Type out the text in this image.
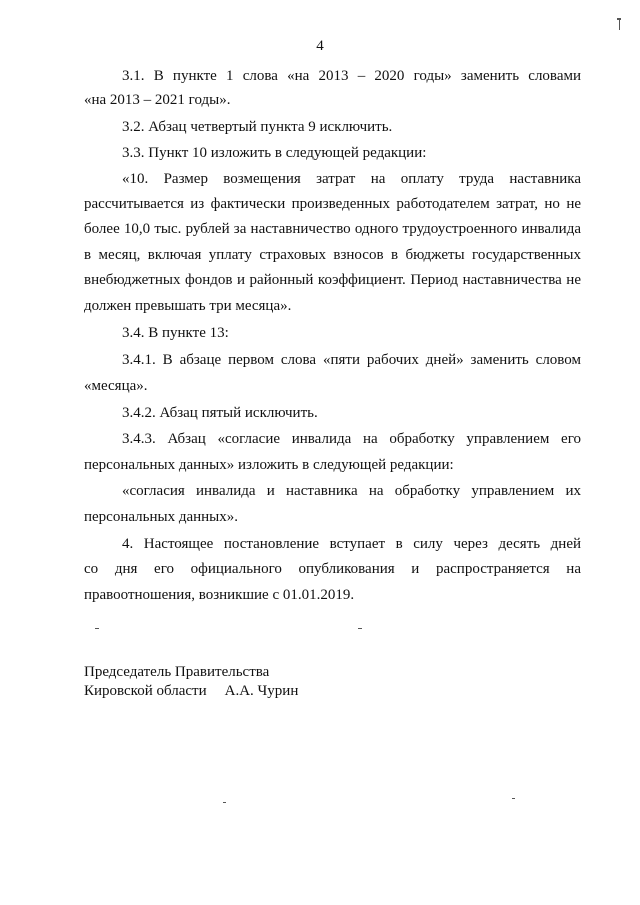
4
3.1. В пункте 1 слова «на 2013 – 2020 годы» заменить словами
«на 2013 – 2021 годы».
3.2. Абзац четвертый пункта 9 исключить.
3.3. Пункт 10 изложить в следующей редакции:
«10. Размер возмещения затрат на оплату труда наставника
рассчитывается из фактически произведенных работодателем затрат, но не
более 10,0 тыс. рублей за наставничество одного трудоустроенного инвалида
в месяц, включая уплату страховых взносов в бюджеты государственных
внебюджетных фондов и районный коэффициент. Период наставничества не
должен превышать три месяца».
3.4. В пункте 13:
3.4.1. В абзаце первом слова «пяти рабочих дней» заменить словом
«месяца».
3.4.2. Абзац пятый исключить.
3.4.3. Абзац «согласие инвалида на обработку управлением его
персональных данных» изложить в следующей редакции:
«согласия инвалида и наставника на обработку управлением их
персональных данных».
4. Настоящее постановление вступает в силу через десять дней
со дня его официального опубликования и распространяется на
правоотношения, возникшие с 01.01.2019.
Председатель Правительства
Кировской области А.А. Чурин
